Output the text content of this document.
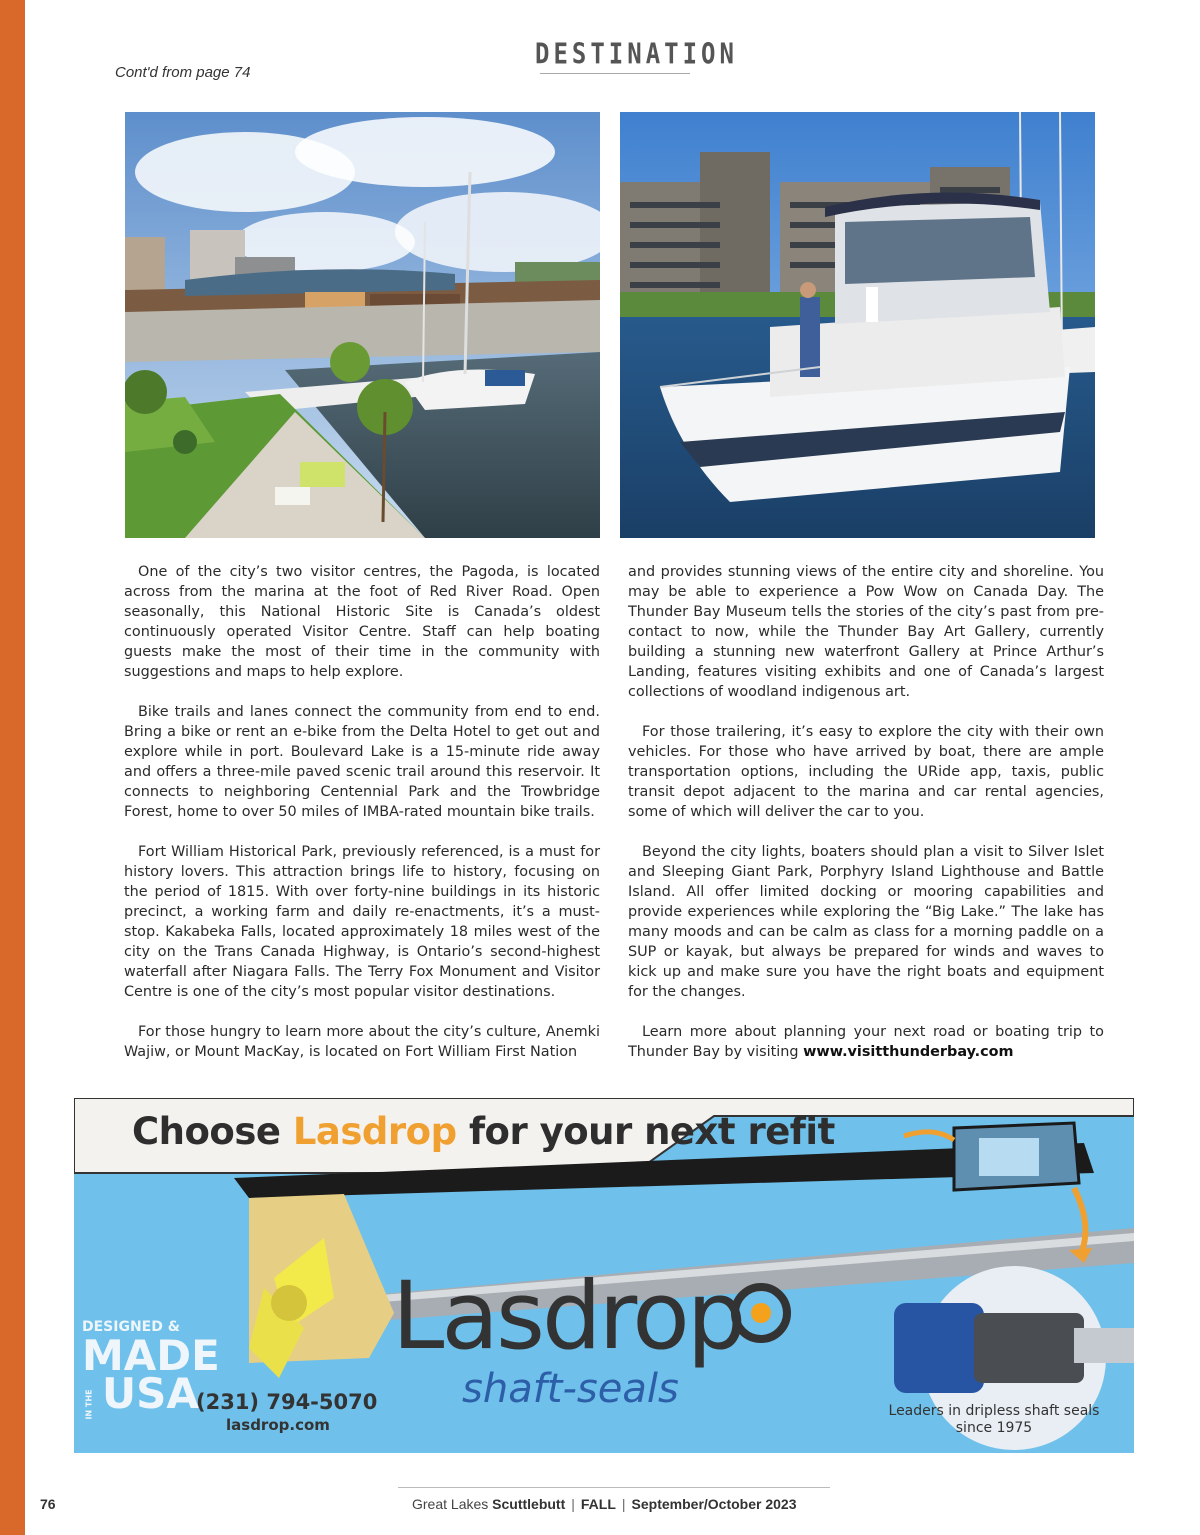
DESTINATION
Cont'd from page 74

One of the city’s two visitor centres, the Pagoda, is located across from the marina at the foot of Red River Road. Open seasonally, this National Historic Site is Canada’s oldest continuously operated Visitor Centre. Staff can help boating guests make the most of their time in the community with suggestions and maps to help explore.

Bike trails and lanes connect the community from end to end. Bring a bike or rent an e-bike from the Delta Hotel to get out and explore while in port. Boulevard Lake is a 15-minute ride away and offers a three-mile paved scenic trail around this reservoir. It connects to neighboring Centennial Park and the Trowbridge Forest, home to over 50 miles of IMBA-rated mountain bike trails.

Fort William Historical Park, previously referenced, is a must for history lovers. This attraction brings life to history, focusing on the period of 1815. With over forty-nine buildings in its historic precinct, a working farm and daily re-enactments, it’s a must-stop. Kakabeka Falls, located approximately 18 miles west of the city on the Trans Canada Highway, is Ontario’s second-highest waterfall after Niagara Falls. The Terry Fox Monument and Visitor Centre is one of the city’s most popular visitor destinations.

For those hungry to learn more about the city’s culture, Anemki Wajiw, or Mount MacKay, is located on Fort William First Nation

and provides stunning views of the entire city and shoreline. You may be able to experience a Pow Wow on Canada Day. The Thunder Bay Museum tells the stories of the city’s past from pre-contact to now, while the Thunder Bay Art Gallery, currently building a stunning new waterfront Gallery at Prince Arthur’s Landing, features visiting exhibits and one of Canada’s largest collections of woodland indigenous art.

For those trailering, it’s easy to explore the city with their own vehicles. For those who have arrived by boat, there are ample transportation options, including the URide app, taxis, public transit depot adjacent to the marina and car rental agencies, some of which will deliver the car to you.

Beyond the city lights, boaters should plan a visit to Silver Islet and Sleeping Giant Park, Porphyry Island Lighthouse and Battle Island. All offer limited docking or mooring capabilities and provide experiences while exploring the “Big Lake.” The lake has many moods and can be calm as class for a morning paddle on a SUP or kayak, but always be prepared for winds and waves to kick up and make sure you have the right boats and equipment for the changes.

Learn more about planning your next road or boating trip to Thunder Bay by visiting www.visitthunderbay.com

Choose Lasdrop for your next refit
Lasdrop
shaft-seals
DESIGNED &
MADE
IN THE USA
(231) 794-5070
lasdrop.com
Leaders in dripless shaft seals
since 1975
76	Great Lakes Scuttlebutt | FALL | September/October 2023
